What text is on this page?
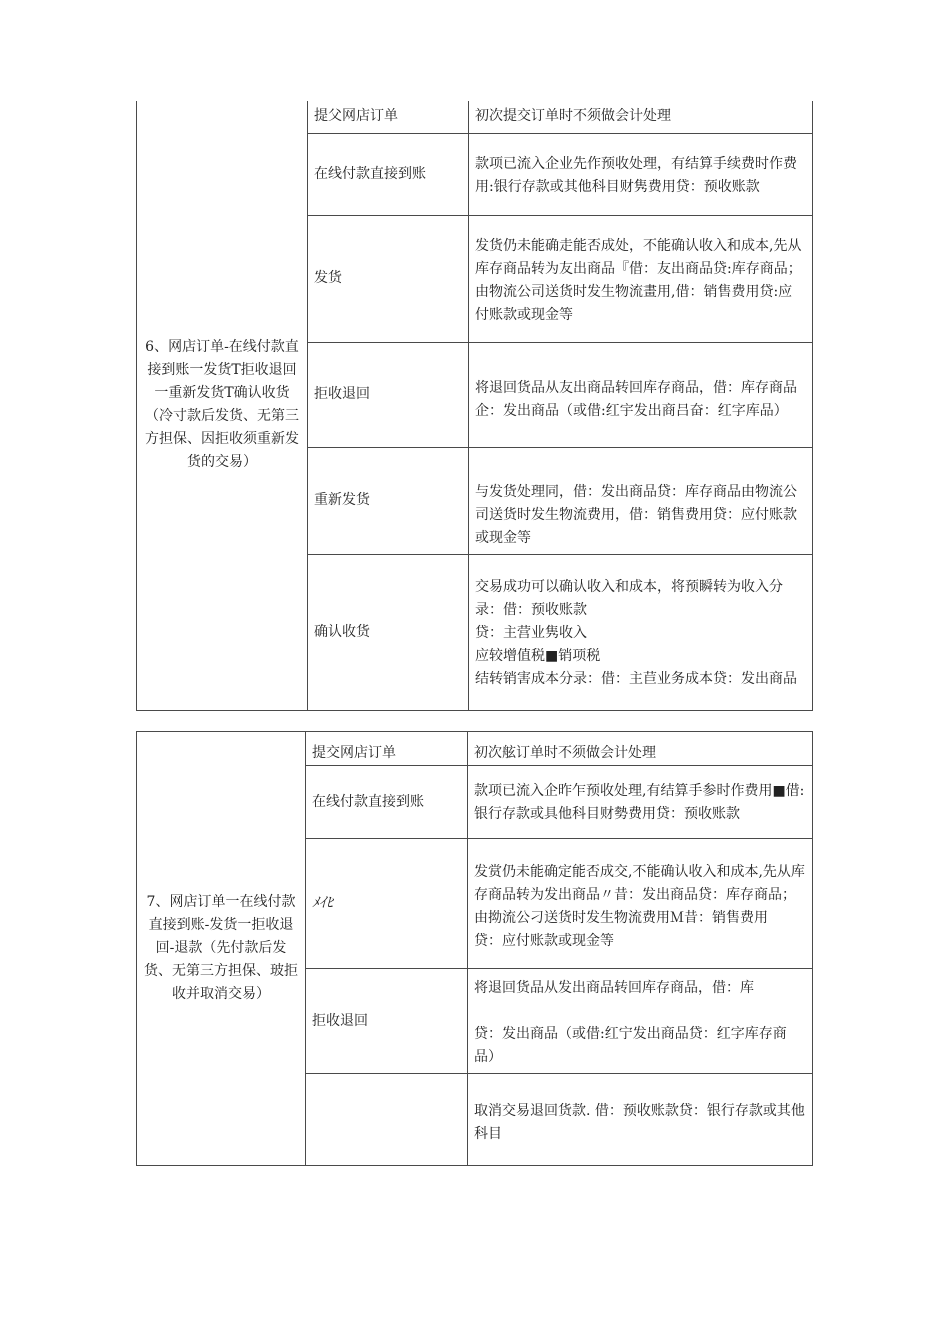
6、网店订单-在线付款直接到账一发货T拒收退回一重新发货T确认收货（冷寸款后发货、无第三方担保、因拒收须重新发货的交易）	提父网店订单	初次提交订单时不须做会计处理

	在线付款直接到账	款项已流入企业先作预收处理，有结算手续费时作费用:银行存款或其他科目财隽费用贷：预收账款

	发货	发货仍未能确走能否成处，不能确认收入和成本,先从库存商品转为友出商品『借：友出商品贷:库存商品；由物流公司送货时发生物流畫用,借：销售费用贷:应付账款或现金等

	拒收退回	将退回货品从友出商品转回库存商品，借：库存商品
企：发出商品（或借:红宇发出商吕奋：红字库品）

	重新发货	与发货处理同，借：发出商品贷：库存商品由物流公司送货时发生物流费用，借：销售费用贷：应付账款或现金等

	确认收货	交易成功可以确认收入和成本，将预瞬转为收入分录：借：预收账款
贷：主营业隽收入
应较增值税■销项税
结转销害成本分录：借：主苣业务成本贷：发出商品
7、网店订单一在线付款直接到账-发货一拒收退回-退款（先付款后发货、无第三方担保、玻拒收并取消交易）	提交网店订单	初次舷订单时不须做会计处理

	在线付款直接到账	款项已流入企昨乍预收处理,有结算手参时作费用■借:银行存款或具他科目财勢费用贷：预收账款

	ﾒｲﾋ	发赏仍未能确定能否成交,不能确认收入和成本,先从库存商品转为发出商品〃昔：发出商品贷：库存商品；由拗流公刁送货时发生物流费用Ｍ昔：销售费用
贷：应付账款或现金等

	拒收退回	将退回货品从发出商品转回库存商品，借：库
贷：发出商品（或借:红宁发出商品贷：红字库存商品）

		取消交易退回货款. 借：预收账款贷：银行存款或其他科目
